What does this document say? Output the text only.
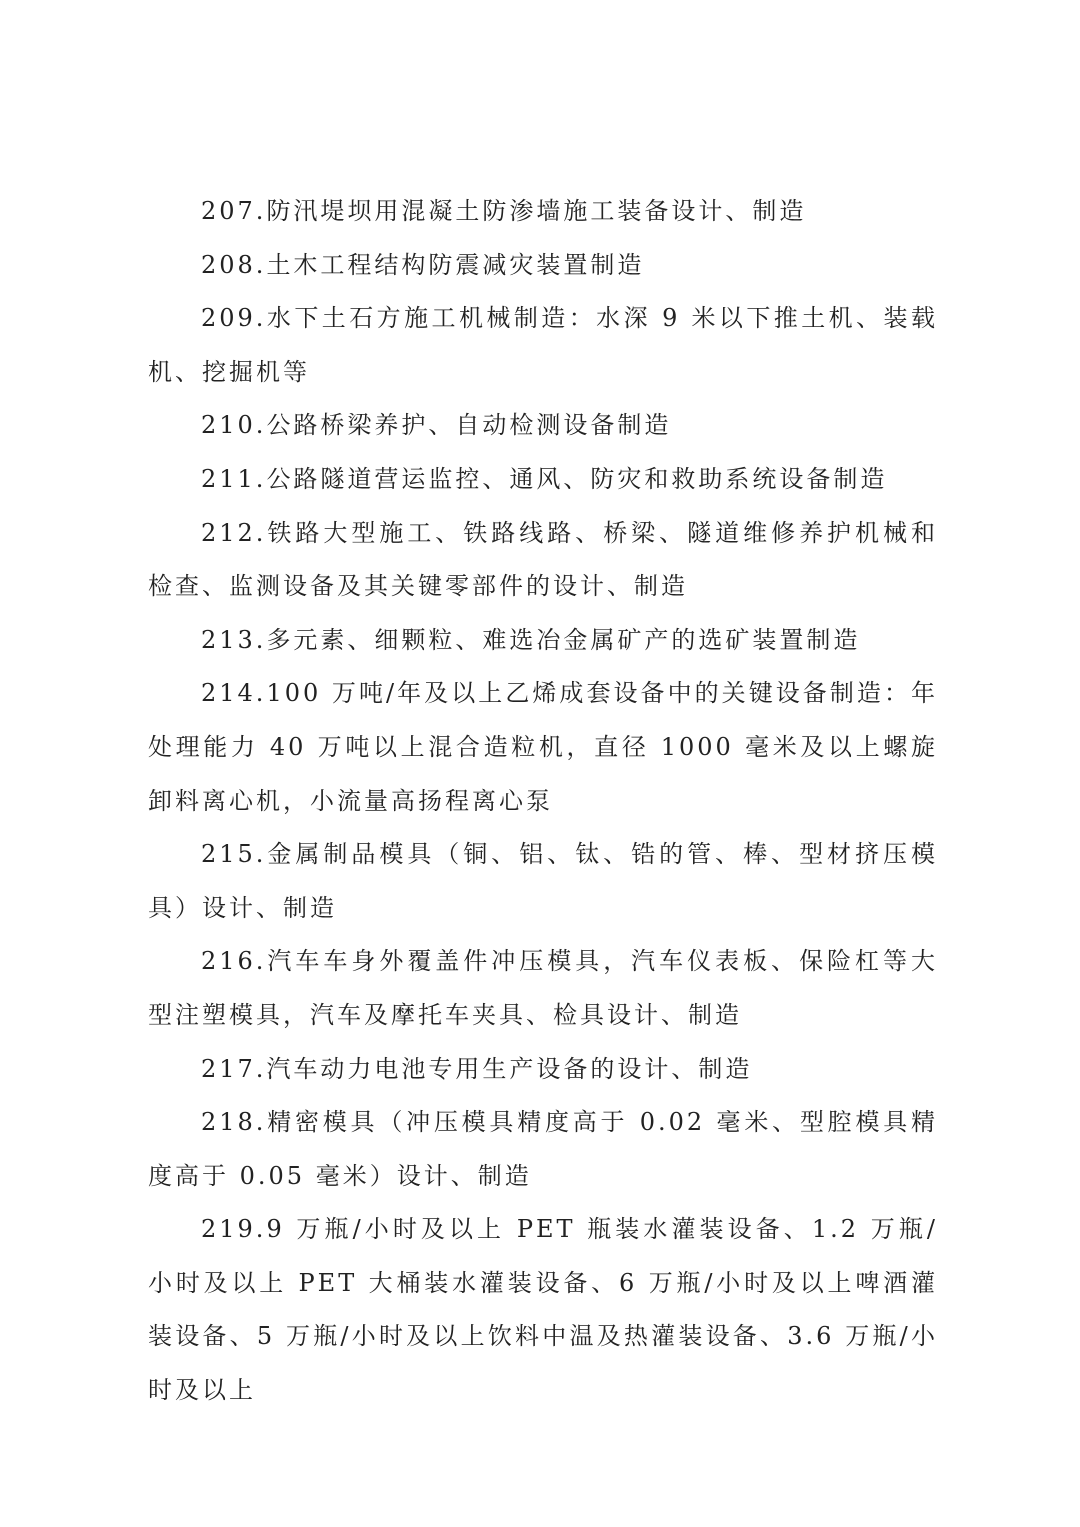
207.防汛堤坝用混凝土防渗墙施工装备设计、制造

208.土木工程结构防震减灾装置制造

209.水下土石方施工机械制造：水深 9 米以下推土机、装载机、挖掘机等

210.公路桥梁养护、自动检测设备制造

211.公路隧道营运监控、通风、防灾和救助系统设备制造

212.铁路大型施工、铁路线路、桥梁、隧道维修养护机械和检查、监测设备及其关键零部件的设计、制造

213.多元素、细颗粒、难选冶金属矿产的选矿装置制造

214.100 万吨/年及以上乙烯成套设备中的关键设备制造：年处理能力 40 万吨以上混合造粒机，直径 1000 毫米及以上螺旋卸料离心机，小流量高扬程离心泵

215.金属制品模具（铜、铝、钛、锆的管、棒、型材挤压模具）设计、制造

216.汽车车身外覆盖件冲压模具，汽车仪表板、保险杠等大型注塑模具，汽车及摩托车夹具、检具设计、制造

217.汽车动力电池专用生产设备的设计、制造

218.精密模具（冲压模具精度高于 0.02 毫米、型腔模具精度高于 0.05 毫米）设计、制造

219.9 万瓶/小时及以上 PET 瓶装水灌装设备、1.2 万瓶/小时及以上 PET 大桶装水灌装设备、6 万瓶/小时及以上啤酒灌装设备、5 万瓶/小时及以上饮料中温及热灌装设备、3.6 万瓶/小时及以上
